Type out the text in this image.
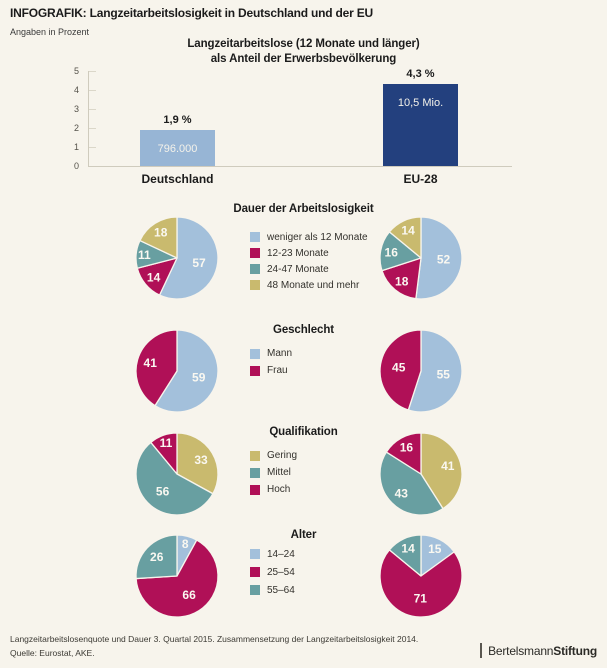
INFOGRAFIK: Langzeitarbeitslosigkeit in Deutschland und der EU
Angaben in Prozent
Langzeitarbeitslose (12 Monate und länger)
als Anteil der Erwerbsbevölkerung
0
1
2
3
4
5
1,9 %
796.000
Deutschland
4,3 %
10,5 Mio.
EU-28
Dauer der Arbeitslosigkeit
weniger als 12 Monate
12-23 Monate
24-47 Monate
48 Monate und mehr
57
14
11
18
52
18
16
14
Geschlecht
Mann
Frau
59
41
55
45
Qualifikation
Gering
Mittel
Hoch
33
56
11
41
43
16
Alter
14–24
25–54
55–64
8
66
26
15
71
14
Langzeitarbeitslosenquote und Dauer 3. Quartal 2015. Zusammensetzung der Langzeitarbeitslosigkeit 2014.
Quelle: Eurostat, AKE.	BertelsmannStiftung
